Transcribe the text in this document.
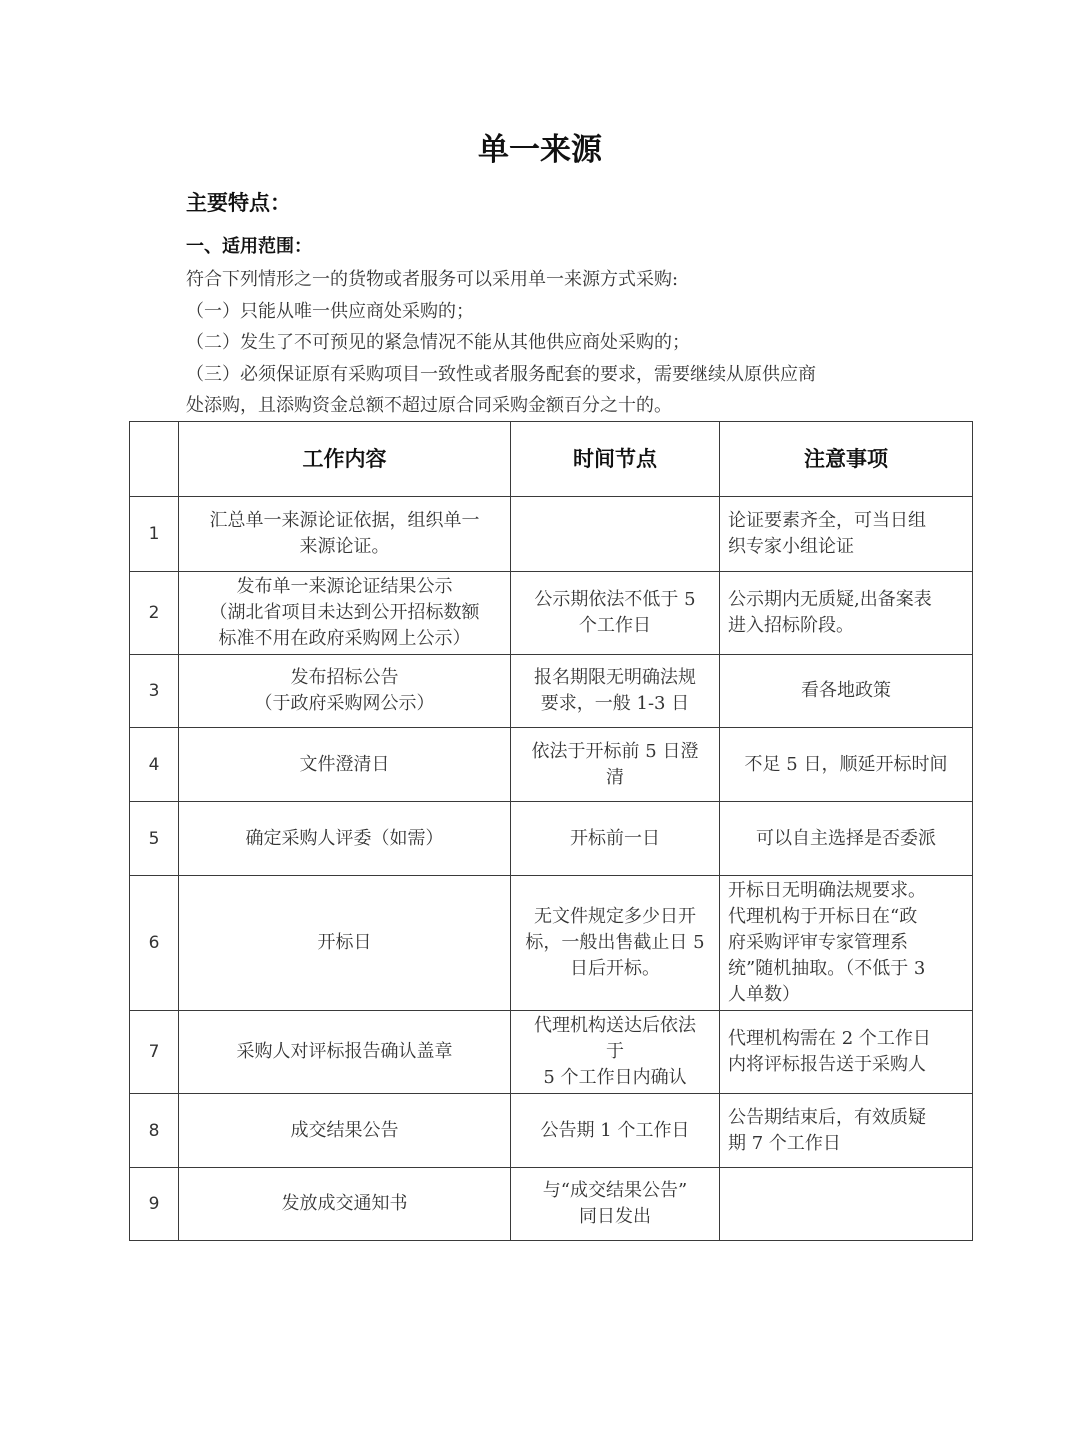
单一来源
主要特点：
一、适用范围：

符合下列情形之一的货物或者服务可以采用单一来源方式采购:

（一）只能从唯一供应商处采购的；

（二）发生了不可预见的紧急情况不能从其他供应商处采购的；

（三）必须保证原有采购项目一致性或者服务配套的要求，需要继续从原供应商

处添购，且添购资金总额不超过原合同采购金额百分之十的。

	工作内容	时间节点	注意事项
1	汇总单一来源论证依据，组织单一
来源论证。		论证要素齐全，可当日组
织专家小组论证

2	发布单一来源论证结果公示
（湖北省项目未达到公开招标数额
标准不用在政府采购网上公示）	公示期依法不低于 5
个工作日	公示期内无质疑,出备案表
进入招标阶段。

3	发布招标公告
（于政府采购网公示）	报名期限无明确法规
要求，一般 1-3 日	看各地政策

4	文件澄清日	依法于开标前 5 日澄
清	不足 5 日，顺延开标时间

5	确定采购人评委（如需）	开标前一日	可以自主选择是否委派

6	开标日	无文件规定多少日开
标，一般出售截止日 5
日后开标。	开标日无明确法规要求。
代理机构于开标日在“政
府采购评审专家管理系
统”随机抽取。（不低于 3
人单数）

7	采购人对评标报告确认盖章	代理机构送达后依法
于
5 个工作日内确认	代理机构需在 2 个工作日
内将评标报告送于采购人

8	成交结果公告	公告期 1 个工作日	公告期结束后，有效质疑
期 7 个工作日

9	发放成交通知书	与“成交结果公告”
同日发出	
